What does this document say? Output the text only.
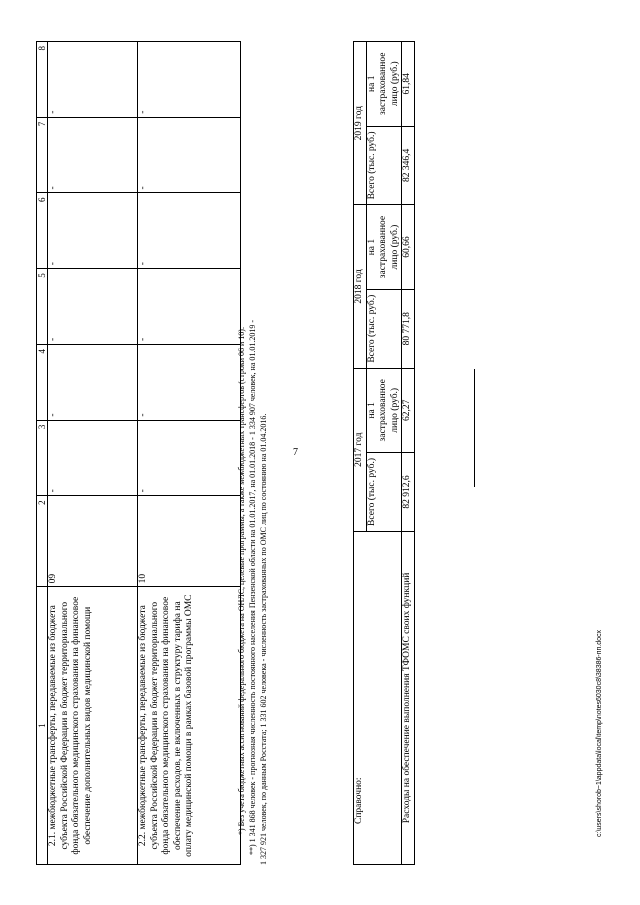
7
1	2	3	4	5	6	7	8
2.1. межбюджетные трансферты, передаваемые из бюджета субъекта Российской Федерации в бюджет территориального фонда обязательного медицинского страхования на финансовое обеспечение дополнительных видов медицинской помощи	09	-	-	-	-	-	-
2.2. межбюджетные трансферты, передаваемые из бюджета субъекта Российской Федерации в бюджет территориального фонда обязательного медицинского страхования на финансовое обеспечение расходов, не включенных в структуру тарифа на оплату медицинской помощи в рамках базовой программы ОМС	10	-	-	-	-	-	-

*) Без учета бюджетных ассигнований федерального бюджета на ОНЛС, целевые программы, а также межбюджетных трансфертов (строки 06 и 10). **) 1 341 868 человек - прогнозная численность постоянного населения Пензенской области на 01.01.2017, на 01.01.2018 - 1 334 907 человек, на 01.01.2019 - 1 327 921 человек, по данным Росстата; 1 331 602 человека - численность застрахованных по ОМС лиц по состоянию на 01.04.2016.	Справочно:	2017 год		2018 год		2019 год	
	Всего (тыс. руб.)	на 1 застрахованное лицо (руб.)	Всего (тыс. руб.)	на 1 застрахованное лицо (руб.)	Всего (тыс. руб.)	на 1 застрахованное лицо (руб.)
Расходы на обеспечение выполнения ТФОМС своих функций	82 912,6	62,27	80 771,8	60,66	82 346,4	61,84
c:\users\shorob~1\appdata\local\temp\notes6030c8\38386-пп.docx
